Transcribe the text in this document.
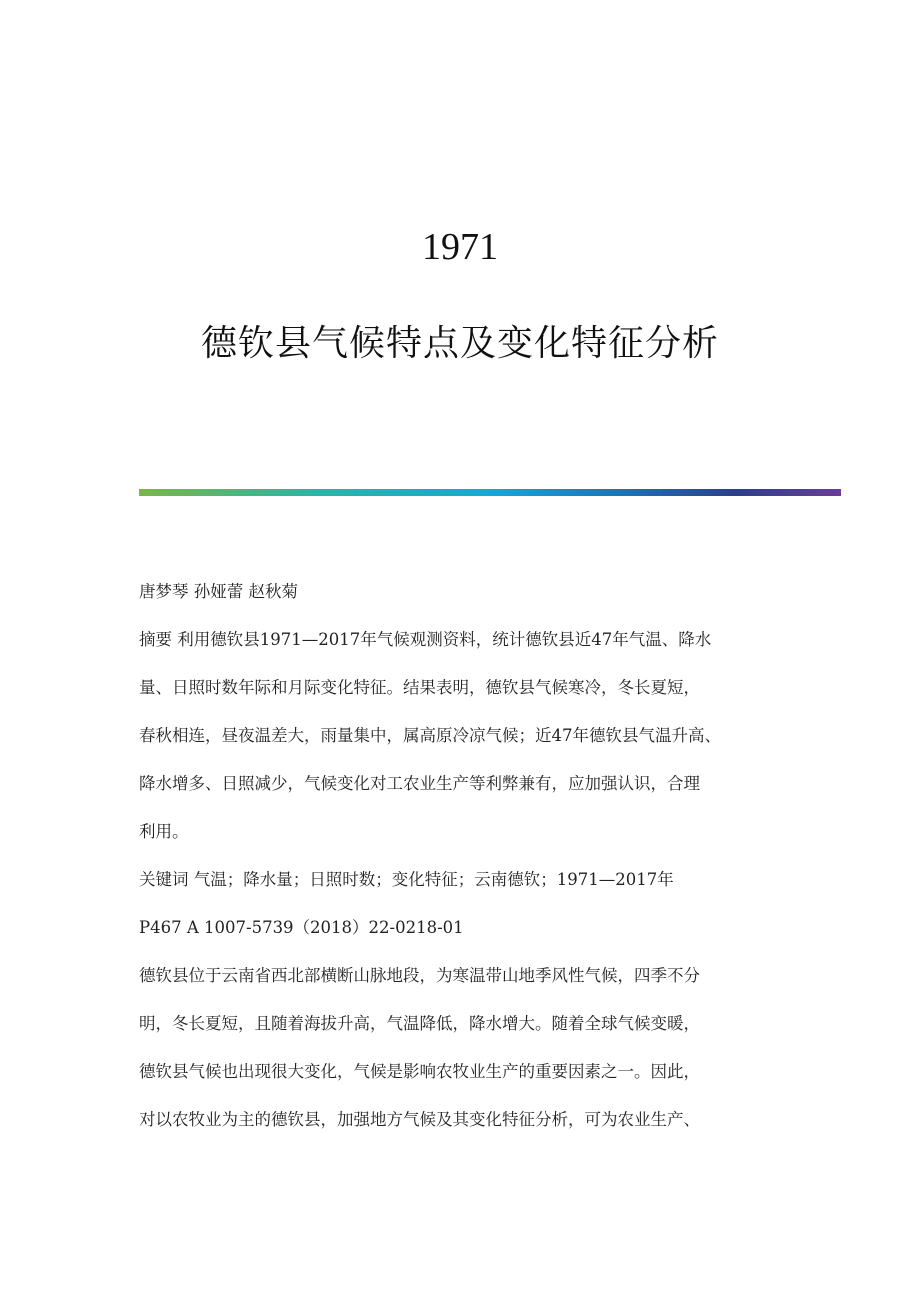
1971
德钦县气候特点及变化特征分析

唐梦琴 孙娅蕾 赵秋菊

摘要 利用德钦县1971—2017年气候观测资料，统计德钦县近47年气温、降水

量、日照时数年际和月际变化特征。结果表明，德钦县气候寒冷，冬长夏短，

春秋相连，昼夜温差大，雨量集中，属高原冷凉气候；近47年德钦县气温升高、

降水增多、日照减少，气候变化对工农业生产等利弊兼有，应加强认识，合理

利用。

关键词 气温；降水量；日照时数；变化特征；云南德钦；1971—2017年

P467 A 1007-5739（2018）22-0218-01

德钦县位于云南省西北部横断山脉地段，为寒温带山地季风性气候，四季不分

明，冬长夏短，且随着海拔升高，气温降低，降水增大。随着全球气候变暖，

德钦县气候也出现很大变化，气候是影响农牧业生产的重要因素之一。因此，

对以农牧业为主的德钦县，加强地方气候及其变化特征分析，可为农业生产、
